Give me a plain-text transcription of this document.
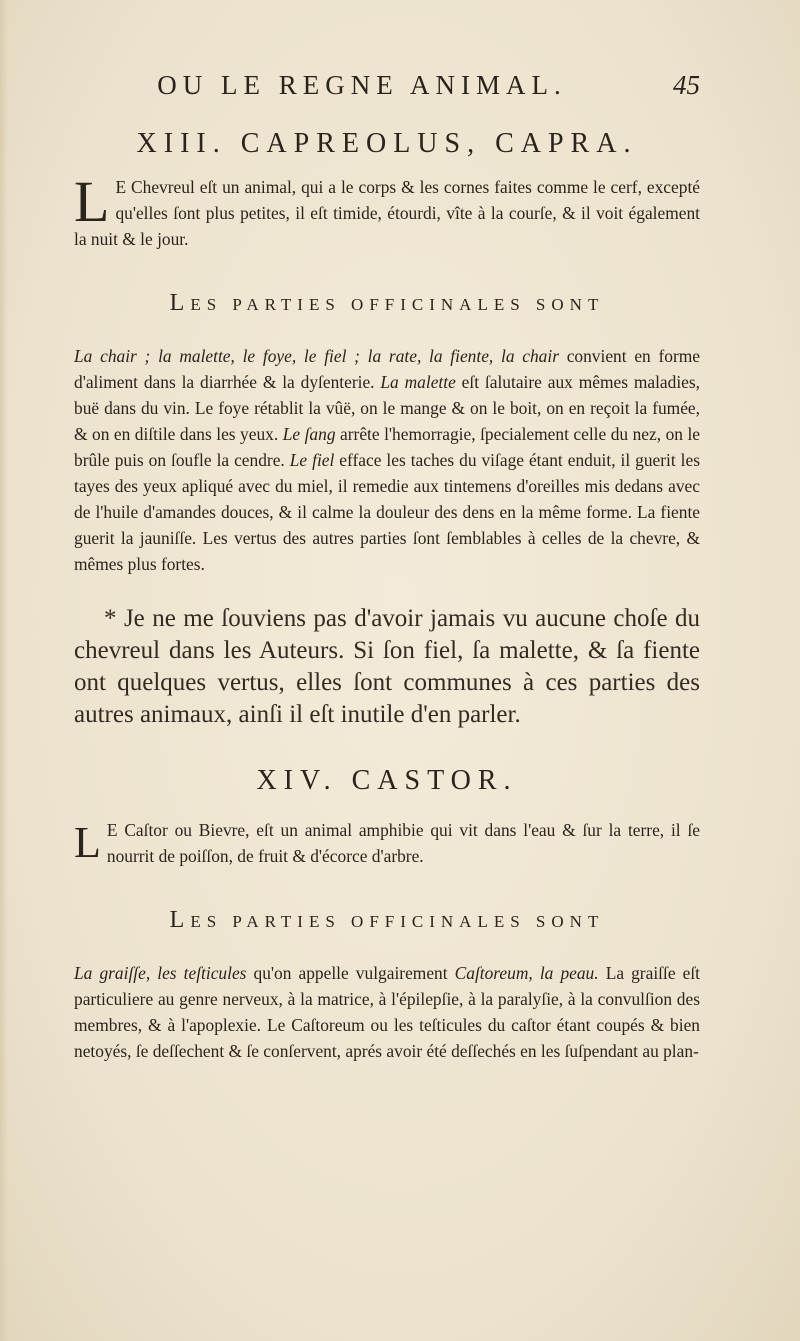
OU LE REGNE ANIMAL.	45
XIII. CAPREOLUS, CAPRA.

L E Chevreul eſt un animal, qui a le corps & les cornes faites comme le cerf, excepté qu'elles ſont plus petites, il eſt timide, étourdi, vîte à la courſe, & il voit également la nuit & le jour.

LES PARTIES OFFICINALES SONT

La chair ; la malette, le foye, le fiel ; la rate, la fiente, la chair convient en forme d'aliment dans la diarrhée & la dyſenterie. La malette eſt ſalutaire aux mêmes maladies, buë dans du vin. Le foye rétablit la vûë, on le mange & on le boit, on en reçoit la fumée, & on en diſtile dans les yeux. Le ſang arrête l'hemorragie, ſpecialement celle du nez, on le brûle puis on ſoufle la cendre. Le fiel efface les taches du viſage étant enduit, il guerit les tayes des yeux apliqué avec du miel, il remedie aux tintemens d'oreilles mis dedans avec de l'huile d'amandes douces, & il calme la douleur des dens en la même forme. La fiente guerit la jauniſſe. Les vertus des autres parties ſont ſemblables à celles de la chevre, & mêmes plus fortes.

* Je ne me ſouviens pas d'avoir jamais vu aucune choſe du chevreul dans les Auteurs. Si ſon fiel, ſa malette, & ſa fiente ont quelques vertus, elles ſont communes à ces parties des autres animaux, ainſi il eſt inutile d'en parler.

XIV. CASTOR.

L E Caſtor ou Bievre, eſt un animal amphibie qui vit dans l'eau & ſur la terre, il ſe nourrit de poiſſon, de fruit & d'écorce d'arbre.

LES PARTIES OFFICINALES SONT

La graiſſe, les teſticules qu'on appelle vulgairement Caſtoreum, la peau. La graiſſe eſt particuliere au genre nerveux, à la matrice, à l'épilepſie, à la paralyſie, à la convulſion des membres, & à l'apoplexie. Le Caſtoreum ou les teſticules du caſtor étant coupés & bien netoyés, ſe deſſechent & ſe conſervent, aprés avoir été deſſechés en les ſuſpendant au plan-
